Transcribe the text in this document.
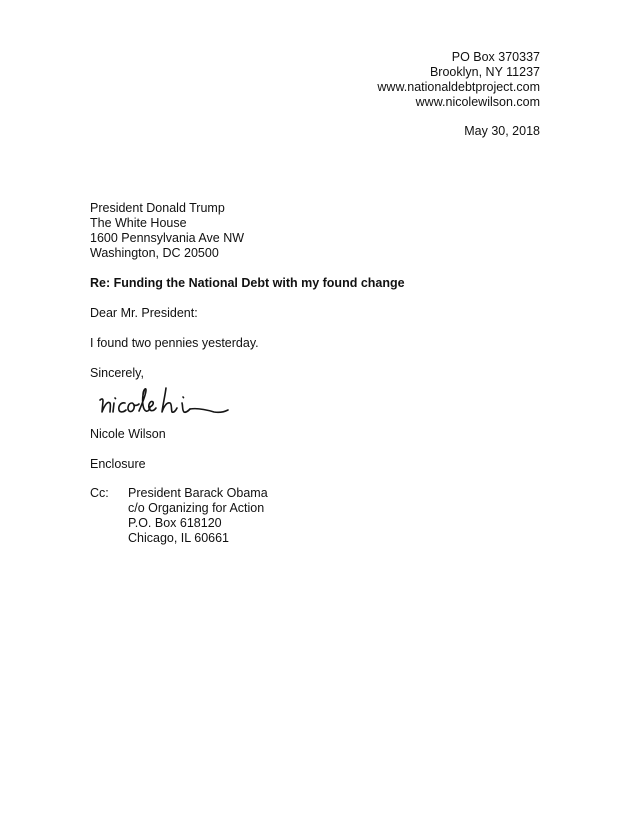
PO Box 370337
Brooklyn, NY 11237
www.nationaldebtproject.com
www.nicolewilson.com
May 30, 2018
President Donald Trump
The White House
1600 Pennsylvania Ave NW
Washington, DC 20500
Re: Funding the National Debt with my found change
Dear Mr. President:
I found two pennies yesterday.
Sincerely,
Nicole Wilson
Enclosure
Cc: President Barack Obama
c/o Organizing for Action
P.O. Box 618120
Chicago, IL 60661
